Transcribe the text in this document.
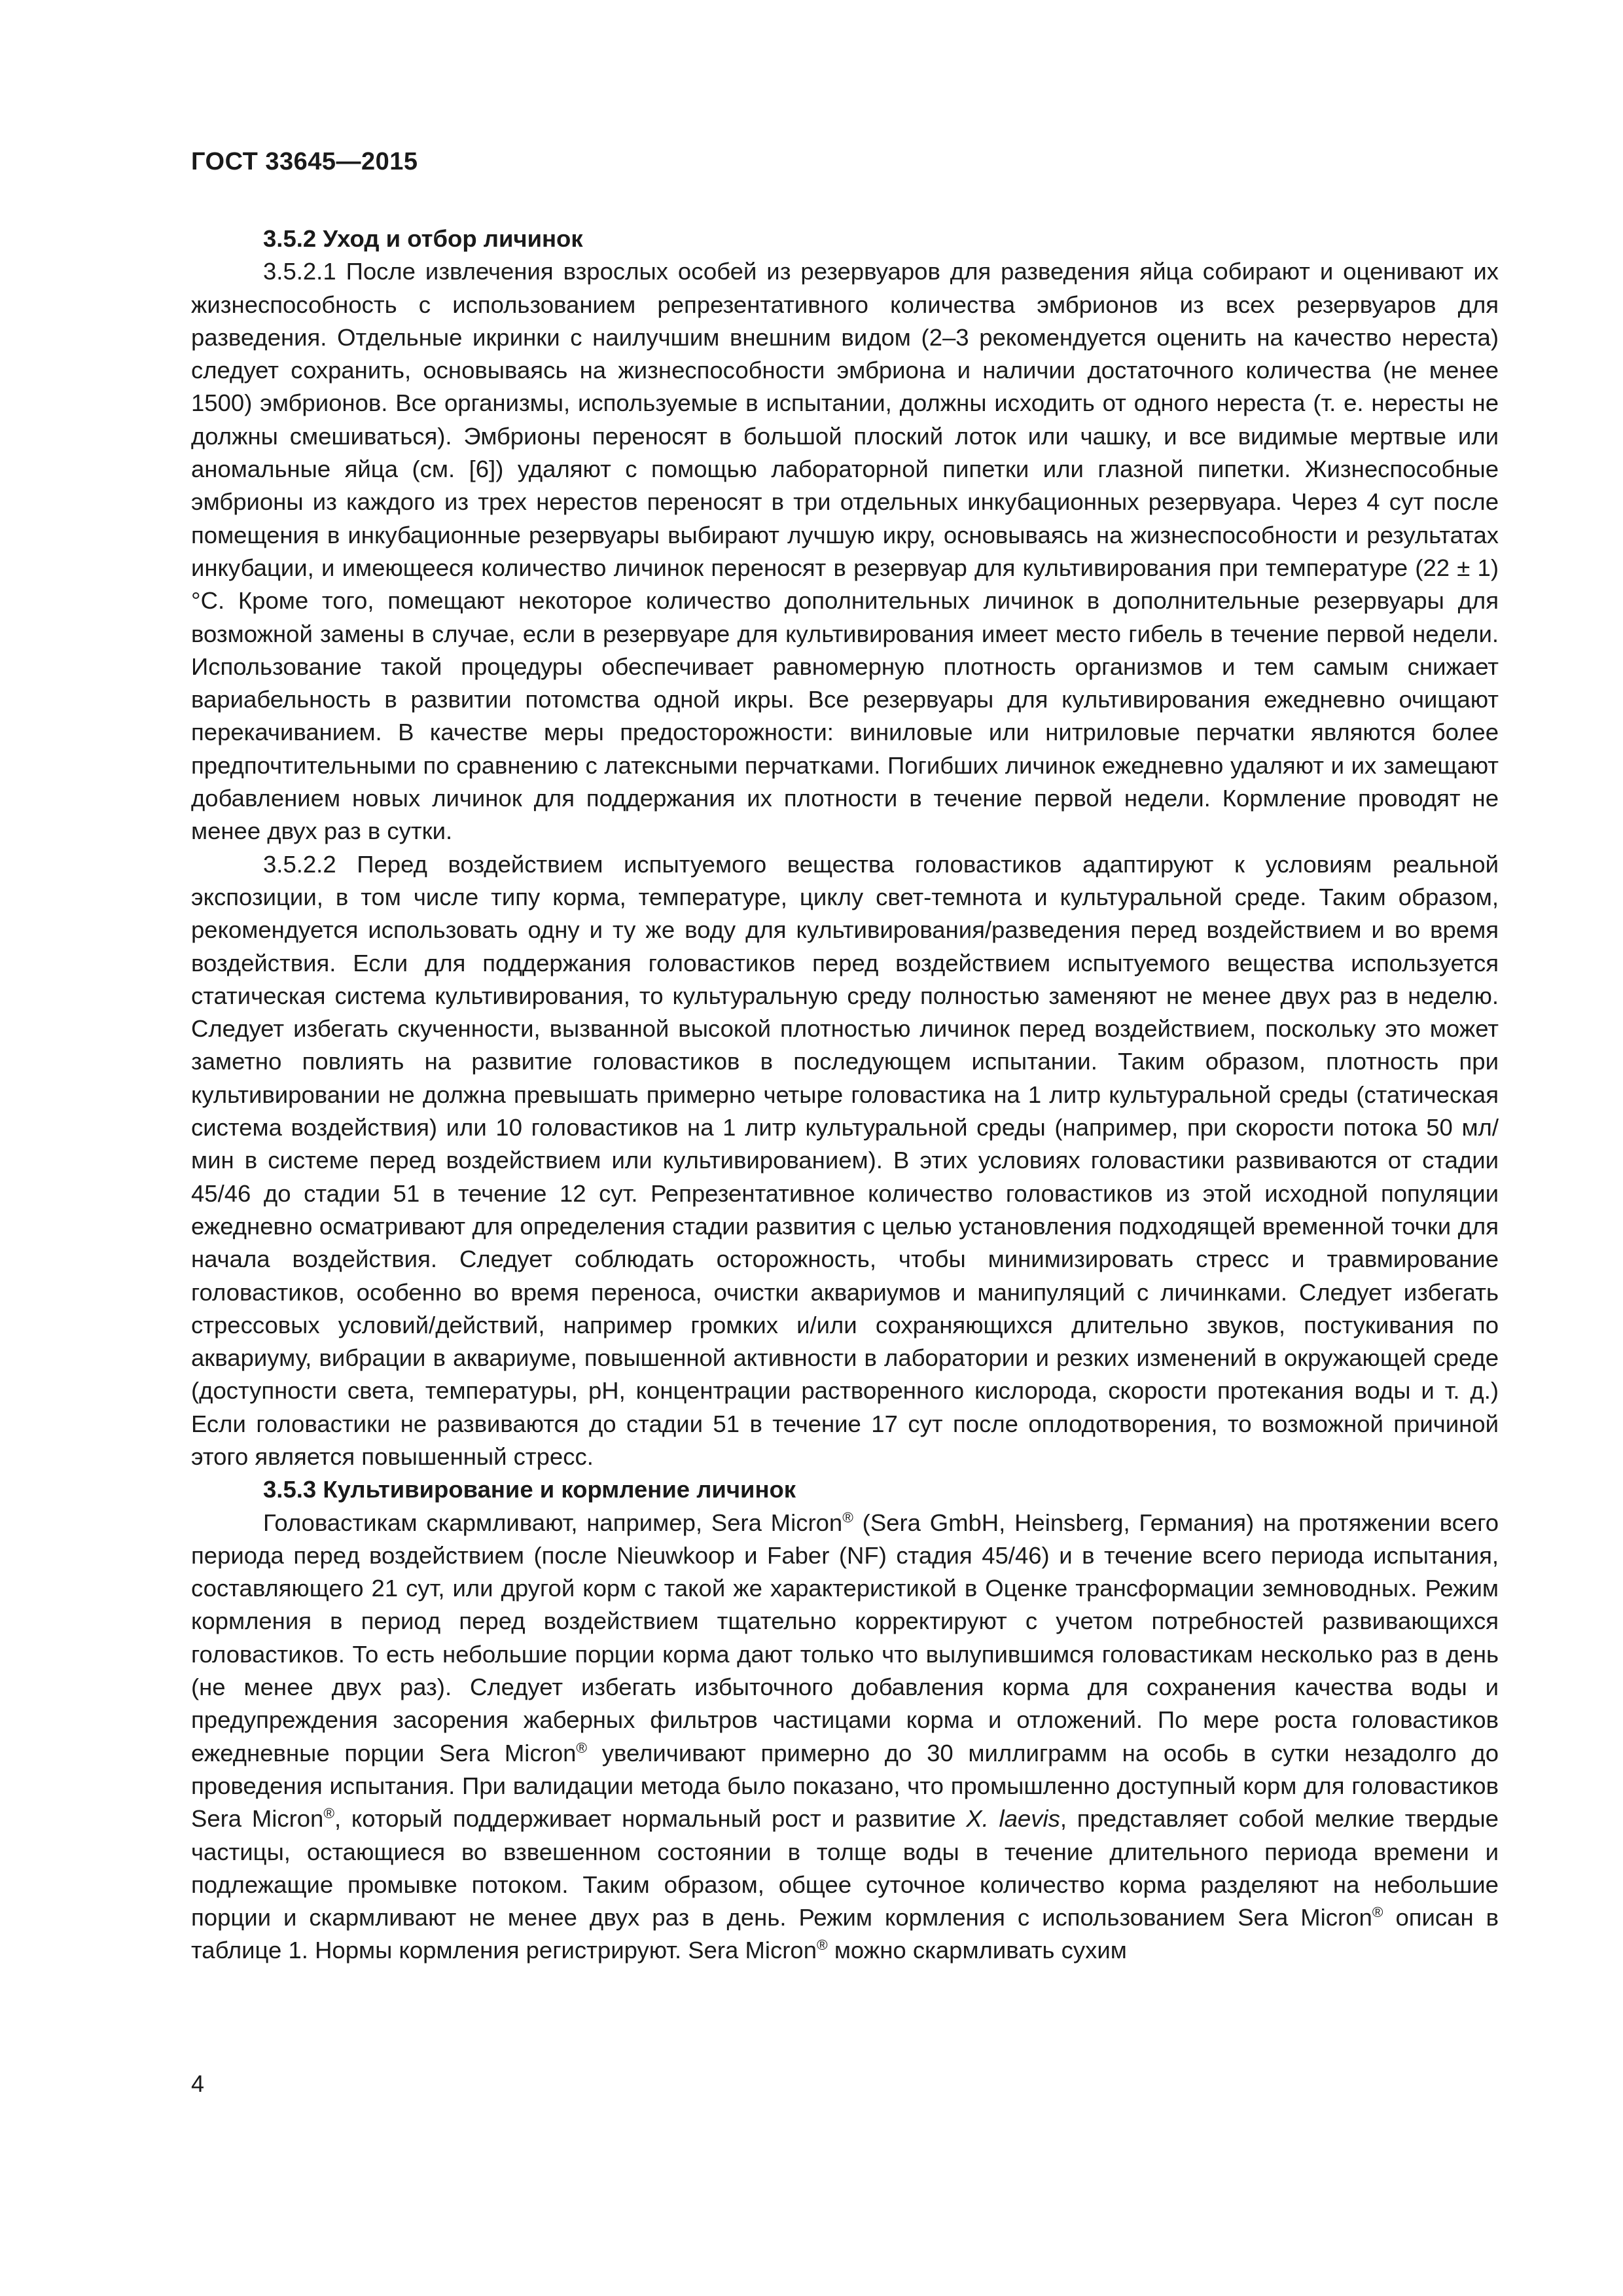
ГОСТ 33645—2015
3.5.2 Уход и отбор личинок

3.5.2.1 После извлечения взрослых особей из резервуаров для разведения яйца собирают и оценивают их жизнеспособность с использованием репрезентативного количества эмбрионов из всех резервуаров для разведения. Отдельные икринки с наилучшим внешним видом (2–3 рекомендуется оценить на качество нереста) следует сохранить, основываясь на жизнеспособности эмбриона и наличии достаточного количества (не менее 1500) эмбрионов. Все организмы, используемые в испытании, должны исходить от одного нереста (т. е. нересты не должны смешиваться). Эмбрионы переносят в большой плоский лоток или чашку, и все видимые мертвые или аномальные яйца (см. [6]) удаляют с помощью лабораторной пипетки или глазной пипетки. Жизнеспособные эмбрионы из каждого из трех нерестов переносят в три отдельных инкубационных резервуара. Через 4 сут после помещения в инкубационные резервуары выбирают лучшую икру, основываясь на жизнеспособности и результатах инкубации, и имеющееся количество личинок переносят в резервуар для культивирования при температуре (22 ± 1) °С. Кроме того, помещают некоторое количество дополнительных личинок в дополнительные резервуары для возможной замены в случае, если в резервуаре для культивирования имеет место гибель в течение первой недели. Использование такой процедуры обеспечивает равномерную плотность организмов и тем самым снижает вариабельность в развитии потомства одной икры. Все резервуары для культивирования ежедневно очищают перекачиванием. В качестве меры предосторожности: виниловые или нитриловые перчатки являются более предпочтительными по сравнению с латексными перчатками. Погибших личинок ежедневно удаляют и их замещают добавлением новых личинок для поддержания их плотности в течение первой недели. Кормление проводят не менее двух раз в сутки.

3.5.2.2 Перед воздействием испытуемого вещества головастиков адаптируют к условиям реальной экспозиции, в том числе типу корма, температуре, циклу свет-темнота и культуральной среде. Таким образом, рекомендуется использовать одну и ту же воду для культивирования/разведения перед воздействием и во время воздействия. Если для поддержания головастиков перед воздействием испытуемого вещества используется статическая система культивирования, то культуральную среду полностью заменяют не менее двух раз в неделю. Следует избегать скученности, вызванной высокой плотностью личинок перед воздействием, поскольку это может заметно повлиять на развитие головастиков в последующем испытании. Таким образом, плотность при культивировании не должна превышать примерно четыре головастика на 1 литр культуральной среды (статическая система воздействия) или 10 головастиков на 1 литр культуральной среды (например, при скорости потока 50 мл/мин в системе перед воздействием или культивированием). В этих условиях головастики развиваются от стадии 45/46 до стадии 51 в течение 12 сут. Репрезентативное количество головастиков из этой исходной популяции ежедневно осматривают для определения стадии развития с целью установления подходящей временной точки для начала воздействия. Следует соблюдать осторожность, чтобы минимизировать стресс и травмирование головастиков, особенно во время переноса, очистки аквариумов и манипуляций с личинками. Следует избегать стрессовых условий/действий, например громких и/или сохраняющихся длительно звуков, постукивания по аквариуму, вибрации в аквариуме, повышенной активности в лаборатории и резких изменений в окружающей среде (доступности света, температуры, pH, концентрации растворенного кислорода, скорости протекания воды и т. д.) Если головастики не развиваются до стадии 51 в течение 17 сут после оплодотворения, то возможной причиной этого является повышенный стресс.

3.5.3 Культивирование и кормление личинок

Головастикам скармливают, например, Sera Micron® (Sera GmbH, Heinsberg, Германия) на протяжении всего периода перед воздействием (после Nieuwkoop и Faber (NF) стадия 45/46) и в течение всего периода испытания, составляющего 21 сут, или другой корм с такой же характеристикой в Оценке трансформации земноводных. Режим кормления в период перед воздействием тщательно корректируют с учетом потребностей развивающихся головастиков. То есть небольшие порции корма дают только что вылупившимся головастикам несколько раз в день (не менее двух раз). Следует избегать избыточного добавления корма для сохранения качества воды и предупреждения засорения жаберных фильтров частицами корма и отложений. По мере роста головастиков ежедневные порции Sera Micron® увеличивают примерно до 30 миллиграмм на особь в сутки незадолго до проведения испытания. При валидации метода было показано, что промышленно доступный корм для головастиков Sera Micron®, который поддерживает нормальный рост и развитие X. laevis, представляет собой мелкие твердые частицы, остающиеся во взвешенном состоянии в толще воды в течение длительного периода времени и подлежащие промывке потоком. Таким образом, общее суточное количество корма разделяют на небольшие порции и скармливают не менее двух раз в день. Режим кормления с использованием Sera Micron® описан в таблице 1. Нормы кормления регистрируют. Sera Micron® можно скармливать сухим

4
